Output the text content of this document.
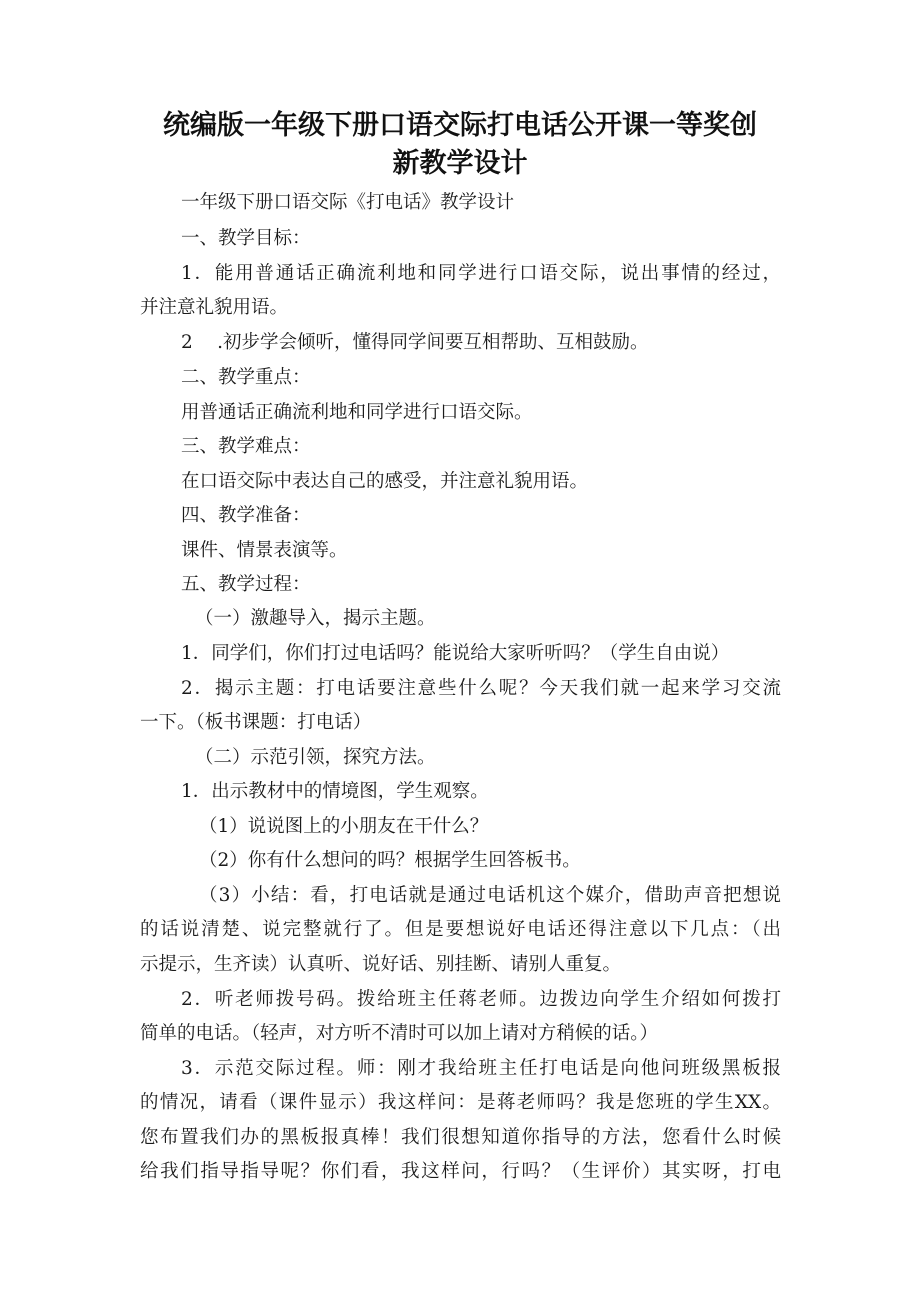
统编版一年级下册口语交际打电话公开课一等奖创
新教学设计
一年级下册口语交际《打电话》教学设计
一、教学目标：
1．能用普通话正确流利地和同学进行口语交际，说出事情的经过，
并注意礼貌用语。
2　 .初步学会倾听，懂得同学间要互相帮助、互相鼓励。
二、教学重点：
用普通话正确流利地和同学进行口语交际。
三、教学难点：
在口语交际中表达自己的感受，并注意礼貌用语。
四、教学准备：
课件、情景表演等。
五、教学过程：
（一）激趣导入，揭示主题。
1．同学们，你们打过电话吗？能说给大家听听吗？（学生自由说）
2．揭示主题：打电话要注意些什么呢？今天我们就一起来学习交流
一下。（板书课题：打电话）
（二）示范引领，探究方法。
1．出示教材中的情境图，学生观察。
（1）说说图上的小朋友在干什么？
（2）你有什么想问的吗？根据学生回答板书。
（3）小结：看，打电话就是通过电话机这个媒介，借助声音把想说
的话说清楚、说完整就行了。但是要想说好电话还得注意以下几点：（出
示提示，生齐读）认真听、说好话、别挂断、请别人重复。
2．听老师拨号码。拨给班主任蒋老师。边拨边向学生介绍如何拨打
简单的电话。（轻声，对方听不清时可以加上请对方稍候的话。）
3．示范交际过程。师：刚才我给班主任打电话是向他问班级黑板报
的情况，请看（课件显示）我这样问：是蒋老师吗？我是您班的学生XX。
您布置我们办的黑板报真棒！我们很想知道你指导的方法，您看什么时候
给我们指导指导呢？你们看，我这样问，行吗？（生评价）其实呀，打电
